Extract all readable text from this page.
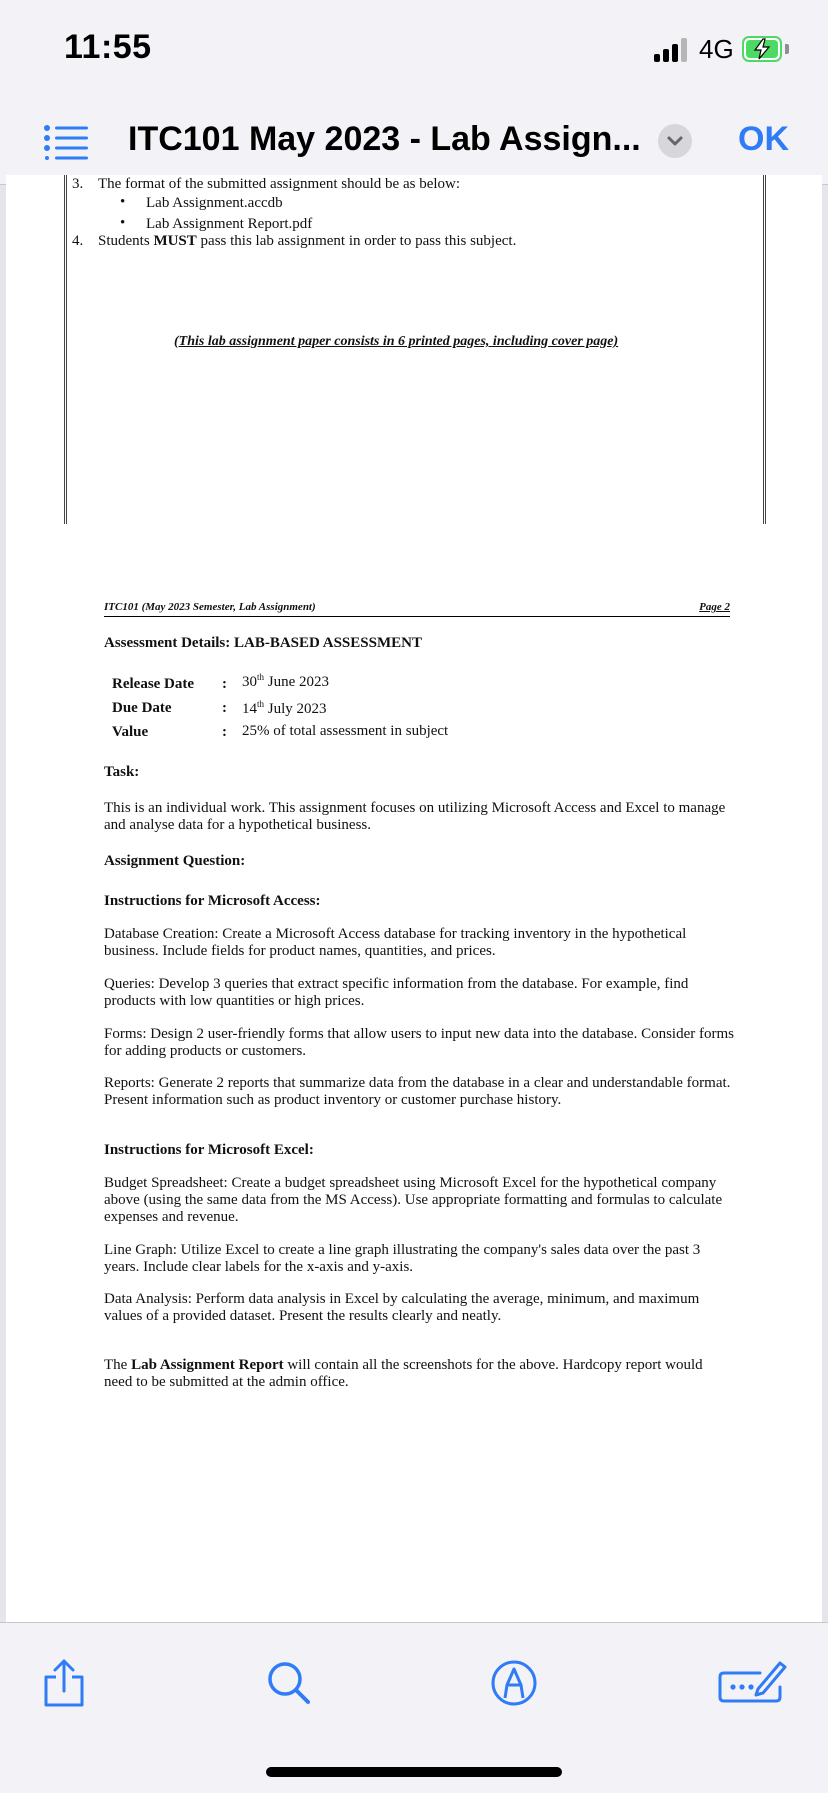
11:55	4G
ITC101 May 2023 - Lab Assign...	OK
3. The format of the submitted assignment should be as below:
• Lab Assignment.accdb
• Lab Assignment Report.pdf
4. Students MUST pass this lab assignment in order to pass this subject.
(This lab assignment paper consists in 6 printed pages, including cover page)
ITC101 (May 2023 Semester, Lab Assignment)	Page 2

Assessment Details: LAB-BASED ASSESSMENT

Release Date : 30th June 2023
Due Date	: 14th July 2023
Value	: 25% of total assessment in subject

Task:

This is an individual work. This assignment focuses on utilizing Microsoft Access and Excel to manage and analyse data for a hypothetical business.

Assignment Question:

Instructions for Microsoft Access:

Database Creation: Create a Microsoft Access database for tracking inventory in the hypothetical business. Include fields for product names, quantities, and prices.

Queries: Develop 3 queries that extract specific information from the database. For example, find products with low quantities or high prices.

Forms: Design 2 user-friendly forms that allow users to input new data into the database. Consider forms for adding products or customers.

Reports: Generate 2 reports that summarize data from the database in a clear and understandable format. Present information such as product inventory or customer purchase history.

Instructions for Microsoft Excel:

Budget Spreadsheet: Create a budget spreadsheet using Microsoft Excel for the hypothetical company above (using the same data from the MS Access). Use appropriate formatting and formulas to calculate expenses and revenue.

Line Graph: Utilize Excel to create a line graph illustrating the company's sales data over the past 3 years. Include clear labels for the x-axis and y-axis.

Data Analysis: Perform data analysis in Excel by calculating the average, minimum, and maximum values of a provided dataset. Present the results clearly and neatly.

The Lab Assignment Report will contain all the screenshots for the above. Hardcopy report would need to be submitted at the admin office.
